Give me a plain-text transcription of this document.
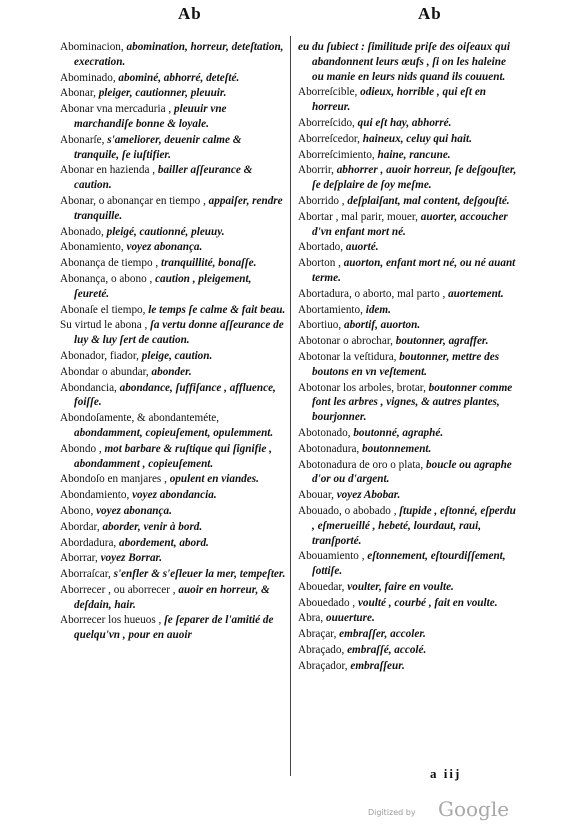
Ab	Ab
Abominacion, abomination, horreur, deteſtation, execration.
Abominado, abominé, abhorré, deteſté.
Abonar, pleiger, cautionner, pleuuir.
Abonar vna mercaduria , pleuuir vne marchandiſe bonne & loyale.
Abonarſe, s'ameliorer, deuenir calme & tranquile, ſe iuſtifier.
Abonar en hazienda , bailler aſſeurance & caution.
Abonar, o abonançar en tiempo , appaiſer, rendre tranquille.
Abonado, pleigé, cautionné, pleuuy.
Abonamiento, voyez abonança.
Abonança de tiempo , tranquillité, bonaſſe.
Abonança, o abono , caution , pleigement, ſeureté.
Abonaſe el tiempo, le temps ſe calme & fait beau.
Su virtud le abona , ſa vertu donne aſſeurance de luy & luy ſert de caution.
Abonador, fiador, pleige, caution.
Abondar o abundar, abonder.
Abondancia, abondance, ſuffiſance , affluence, foiſſe.
Abondoſamente, & abondanteméte, abondamment, copieuſement, opulemment.
Abondo , mot barbare & ruſtique qui ſignifie , abondamment , copieuſement.
Abondoſo en manjares , opulent en viandes.
Abondamiento, voyez abondancia.
Abono, voyez abonança.
Abordar, aborder, venir à bord.
Abordadura, abordement, abord.
Aborrar, voyez Borrar.
Aborraſcar, s'enfler & s'eſleuer la mer, tempeſter.
Aborrecer , ou aborrecer , auoir en horreur, & deſdain, hair.
Aborrecer los hueuos , ſe ſeparer de l'amitié de quelqu'vn , pour en auoir
eu du ſubiect : ſimilitude priſe des oiſeaux qui abandonnent leurs œufs , ſi on les haleine ou manie en leurs nids quand ils couuent.
Aborreſcible, odieux, horrible , qui eſt en horreur.
Aborreſcido, qui eſt hay, abhorré.
Aborreſcedor, haineux, celuy qui hait.
Aborreſcimiento, haine, rancune.
Aborrir, abhorrer , auoir horreur, ſe deſgouſter, ſe deſplaire de ſoy meſme.
Aborrido , deſplaiſant, mal content, deſgouſté.
Abortar , mal parir, mouer, auorter, accoucher d'vn enfant mort né.
Abortado, auorté.
Aborton , auorton, enfant mort né, ou né auant terme.
Abortadura, o aborto, mal parto , auortement.
Abortamiento, idem.
Abortiuo, abortif, auorton.
Abotonar o abrochar, boutonner, agraffer.
Abotonar la veſtidura, boutonner, mettre des boutons en vn veſtement.
Abotonar los arboles, brotar, boutonner comme font les arbres , vignes, & autres plantes, bourjonner.
Abotonado, boutonné, agraphé.
Abotonadura, boutonnement.
Abotonadura de oro o plata, boucle ou agraphe d'or ou d'argent.
Abouar, voyez Abobar.
Abouado, o abobado , ſtupide , eſtonné, eſperdu , eſmerueillé , hebeté, lourdaut, raui, tranſporté.
Abouamiento , eſtonnement, eſtourdiſſement, ſottiſe.
Abouedar, voulter, faire en voulte.
Abouedado , voulté , courbé , fait en voulte.
Abra, ouuerture.
Abraçar, embraſſer, accoler.
Abraçado, embraſſé, accolé.
Abraçador, embraſſeur.
a iij
Digitized by Google
